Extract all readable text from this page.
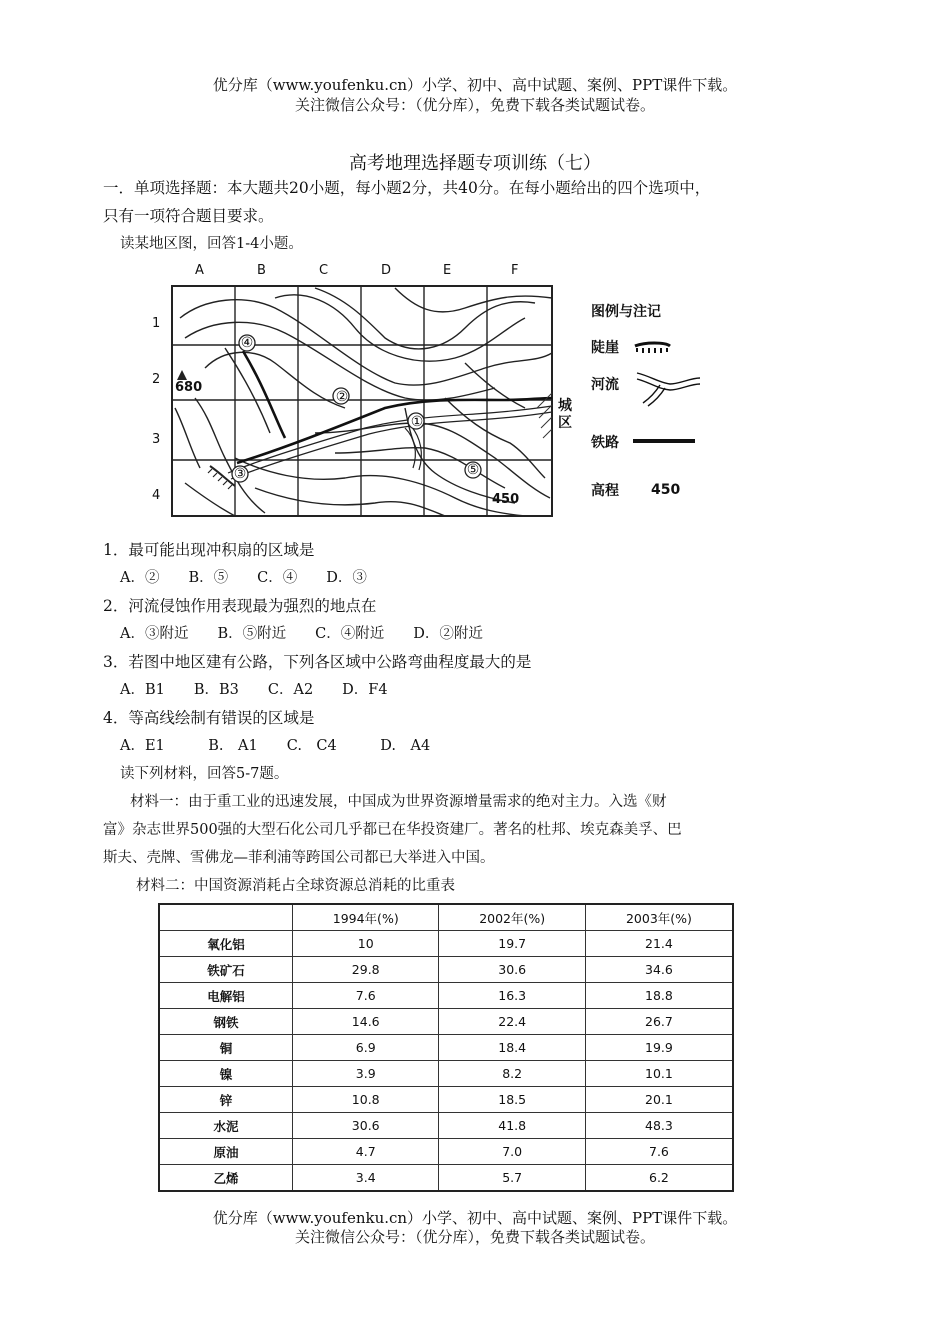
优分库（www.youfenku.cn）小学、初中、高中试题、案例、PPT课件下载。
关注微信公众号：（优分库），免费下载各类试题试卷。
高考地理选择题专项训练（七）
一．单项选择题：本大题共20小题，每小题2分，共40分。在每小题给出的四个选项中，
只有一项符合题目要求。
读某地区图，回答1-4小题。
A	B	C	D	E	F
1
2
3
4
680
450
①
②
③
④
⑤
城区
图例与注记
陡崖
河流
铁路
高程 450
1．最可能出现冲积扇的区域是
A．②　　B．⑤　　C．④　　D．③
2．河流侵蚀作用表现最为强烈的地点在
A．③附近　　B．⑤附近　　C．④附近　　D．②附近
3．若图中地区建有公路，下列各区域中公路弯曲程度最大的是
A．B1　　B．B3　　C．A2　　D．F4
4．等高线绘制有错误的区域是
A．E1　　　B.　A1　　C.　C4　　　D.　A4
读下列材料，回答5-7题。
材料一：由于重工业的迅速发展，中国成为世界资源增量需求的绝对主力。入选《财
富》杂志世界500强的大型石化公司几乎都已在华投资建厂。著名的杜邦、埃克森美孚、巴
斯夫、壳牌、雪佛龙—菲利浦等跨国公司都已大举进入中国。
材料二：中国资源消耗占全球资源总消耗的比重表
	1994年(%)	2002年(%)	2003年(%)
氧化铝	10	19.7	21.4
铁矿石	29.8	30.6	34.6
电解铝	7.6	16.3	18.8
钢铁	14.6	22.4	26.7
铜	6.9	18.4	19.9
镍	3.9	8.2	10.1
锌	10.8	18.5	20.1
水泥	30.6	41.8	48.3
原油	4.7	7.0	7.6
乙烯	3.4	5.7	6.2
优分库（www.youfenku.cn）小学、初中、高中试题、案例、PPT课件下载。
关注微信公众号：（优分库），免费下载各类试题试卷。
